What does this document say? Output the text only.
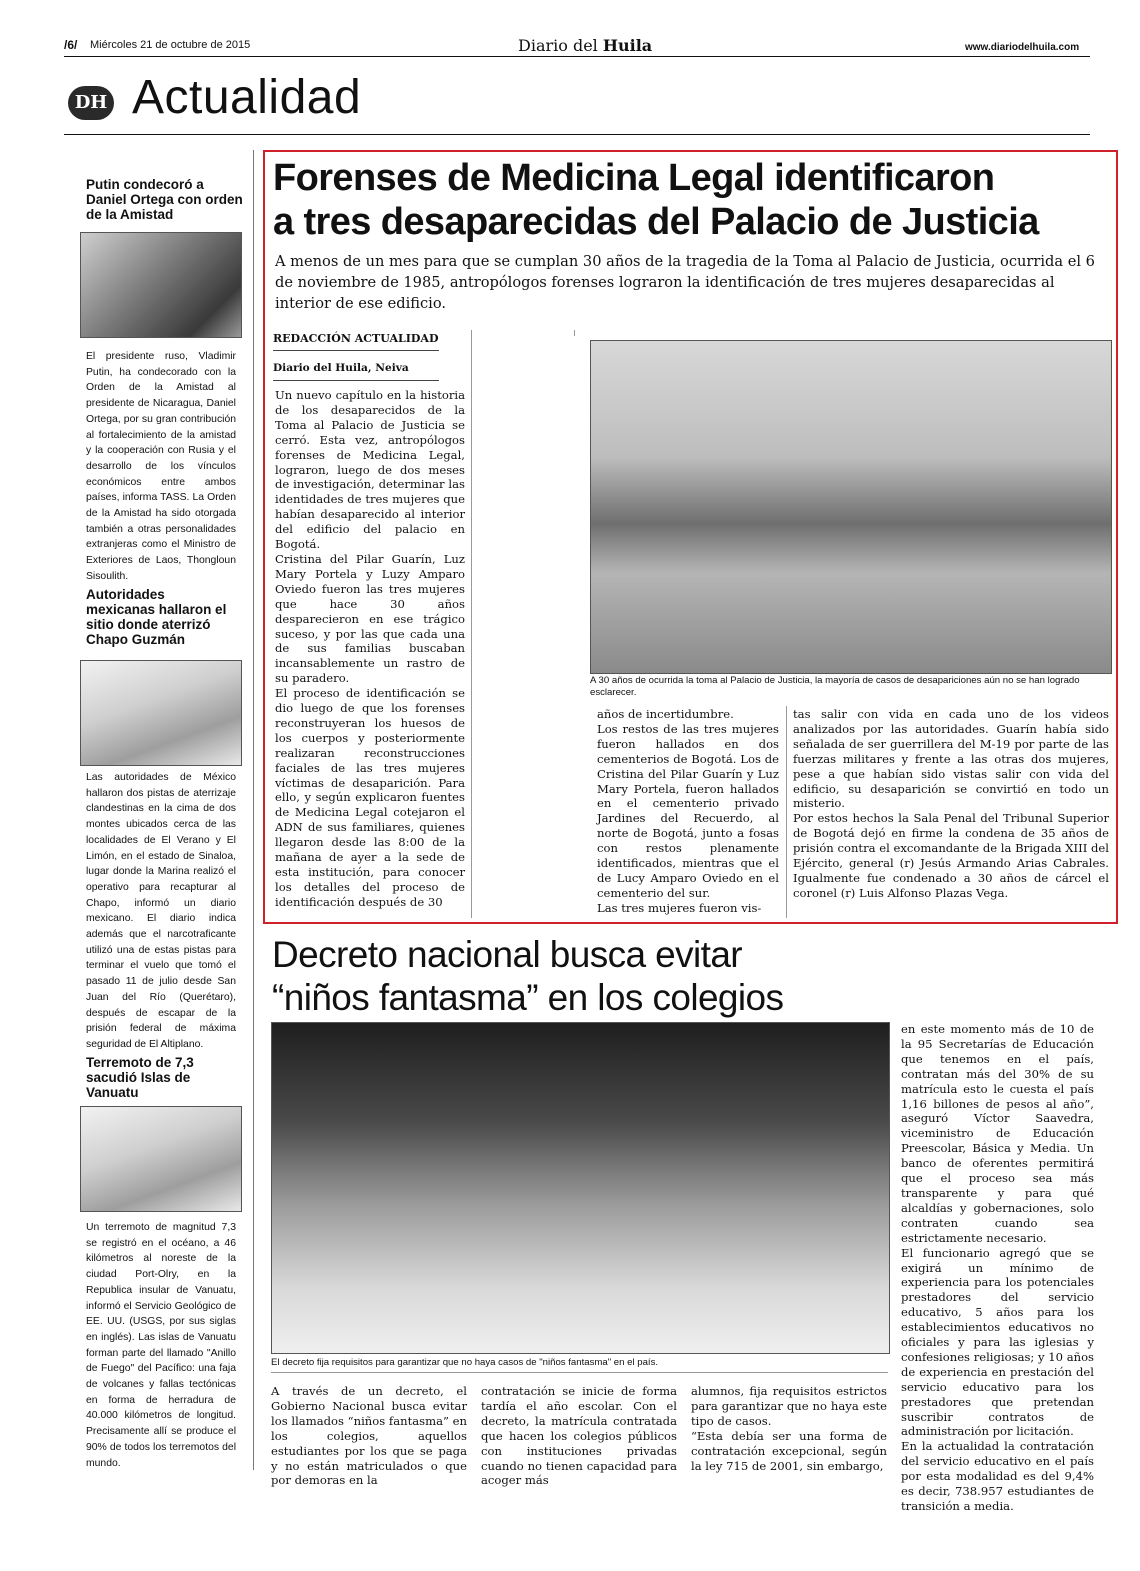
/6/ Miércoles 21 de octubre de 2015	Diario del Huila	www.diariodelhuila.com
DH Actualidad
Putin condecoró a Daniel Ortega con orden de la Amistad
El presidente ruso, Vladimir Putin, ha condecorado con la Orden de la Amistad al presidente de Nicaragua, Daniel Ortega, por su gran contribución al fortalecimiento de la amistad y la cooperación con Rusia y el desarrollo de los vínculos económicos entre ambos países, informa TASS. La Orden de la Amistad ha sido otorgada también a otras personalidades extranjeras como el Ministro de Exteriores de Laos, Thongloun Sisoulith.
Autoridades mexicanas hallaron el sitio donde aterrizó Chapo Guzmán
Las autoridades de México hallaron dos pistas de aterrizaje clandestinas en la cima de dos montes ubicados cerca de las localidades de El Verano y El Limón, en el estado de Sinaloa, lugar donde la Marina realizó el operativo para recapturar al Chapo, informó un diario mexicano. El diario indica además que el narcotraficante utilizó una de estas pistas para terminar el vuelo que tomó el pasado 11 de julio desde San Juan del Río (Querétaro), después de escapar de la prisión federal de máxima seguridad de El Altiplano.
Terremoto de 7,3 sacudió Islas de Vanuatu
Un terremoto de magnitud 7,3 se registró en el océano, a 46 kilómetros al noreste de la ciudad Port-Olry, en la Republica insular de Vanuatu, informó el Servicio Geológico de EE. UU. (USGS, por sus siglas en inglés). Las islas de Vanuatu forman parte del llamado "Anillo de Fuego" del Pacífico: una faja de volcanes y fallas tectónicas en forma de herradura de 40.000 kilómetros de longitud. Precisamente allí se produce el 90% de todos los terremotos del mundo.
Forenses de Medicina Legal identificaron
a tres desaparecidas del Palacio de Justicia
A menos de un mes para que se cumplan 30 años de la tragedia de la Toma al Palacio de Justicia, ocurrida el 6 de noviembre de 1985, antropólogos forenses lograron la identificación de tres mujeres desaparecidas al interior de ese edificio.
REDACCIÓN ACTUALIDAD
Diario del Huila, Neiva
Un nuevo capítulo en la historia de los desaparecidos de la Toma al Palacio de Justicia se cerró. Esta vez, antropólogos forenses de Medicina Legal, lograron, luego de dos meses de investigación, determinar las identidades de tres mujeres que habían desaparecido al interior del edificio del palacio en Bogotá.
Cristina del Pilar Guarín, Luz Mary Portela y Luzy Amparo Oviedo fueron las tres mujeres que hace 30 años desparecieron en ese trágico suceso, y por las que cada una de sus familias buscaban incansablemente un rastro de su paradero.
El proceso de identificación se dio luego de que los forenses reconstruyeran los huesos de los cuerpos y posteriormente realizaran reconstrucciones faciales de las tres mujeres víctimas de desaparición. Para ello, y según explicaron fuentes de Medicina Legal cotejaron el ADN de sus familiares, quienes llegaron desde las 8:00 de la mañana de ayer a la sede de esta institución, para conocer los detalles del proceso de identificación después de 30
A 30 años de ocurrida la toma al Palacio de Justicia, la mayoría de casos de desapariciones aún no se han logrado esclarecer.
años de incertidumbre.
Los restos de las tres mujeres fueron hallados en dos cementerios de Bogotá. Los de Cristina del Pilar Guarín y Luz Mary Portela, fueron hallados en el cementerio privado Jardines del Recuerdo, al norte de Bogotá, junto a fosas con restos plenamente identificados, mientras que el de Lucy Amparo Oviedo en el cementerio del sur.
Las tres mujeres fueron vis-
tas salir con vida en cada uno de los videos analizados por las autoridades. Guarín había sido señalada de ser guerrillera del M-19 por parte de las fuerzas militares y frente a las otras dos mujeres, pese a que habían sido vistas salir con vida del edificio, su desaparición se convirtió en todo un misterio.
Por estos hechos la Sala Penal del Tribunal Superior de Bogotá dejó en firme la condena de 35 años de prisión contra el excomandante de la Brigada XIII del Ejército, general (r) Jesús Armando Arias Cabrales. Igualmente fue condenado a 30 años de cárcel el coronel (r) Luis Alfonso Plazas Vega.
Decreto nacional busca evitar
“niños fantasma” en los colegios
El decreto fija requisitos para garantizar que no haya casos de "niños fantasma" en el país.
A través de un decreto, el Gobierno Nacional busca evitar los llamados “niños fantasma” en los colegios, aquellos estudiantes por los que se paga y no están matriculados o que por demoras en la
contratación se inicie de forma tardía el año escolar. Con el decreto, la matrícula contratada que hacen los colegios públicos con instituciones privadas cuando no tienen capacidad para acoger más
alumnos, fija requisitos estrictos para garantizar que no haya este tipo de casos.
“Esta debía ser una forma de contratación excepcional, según la ley 715 de 2001, sin embargo,
en este momento más de 10 de la 95 Secretarías de Educación que tenemos en el país, contratan más del 30% de su matrícula esto le cuesta el país 1,16 billones de pesos al año”, aseguró Víctor Saavedra, viceministro de Educación Preescolar, Básica y Media. Un banco de oferentes permitirá que el proceso sea más transparente y para qué alcaldías y gobernaciones, solo contraten cuando sea estrictamente necesario.
El funcionario agregó que se exigirá un mínimo de experiencia para los potenciales prestadores del servicio educativo, 5 años para los establecimientos educativos no oficiales y para las iglesias y confesiones religiosas; y 10 años de experiencia en prestación del servicio educativo para los prestadores que pretendan suscribir contratos de administración por licitación.
En la actualidad la contratación del servicio educativo en el país por esta modalidad es del 9,4% es decir, 738.957 estudiantes de transición a media.
